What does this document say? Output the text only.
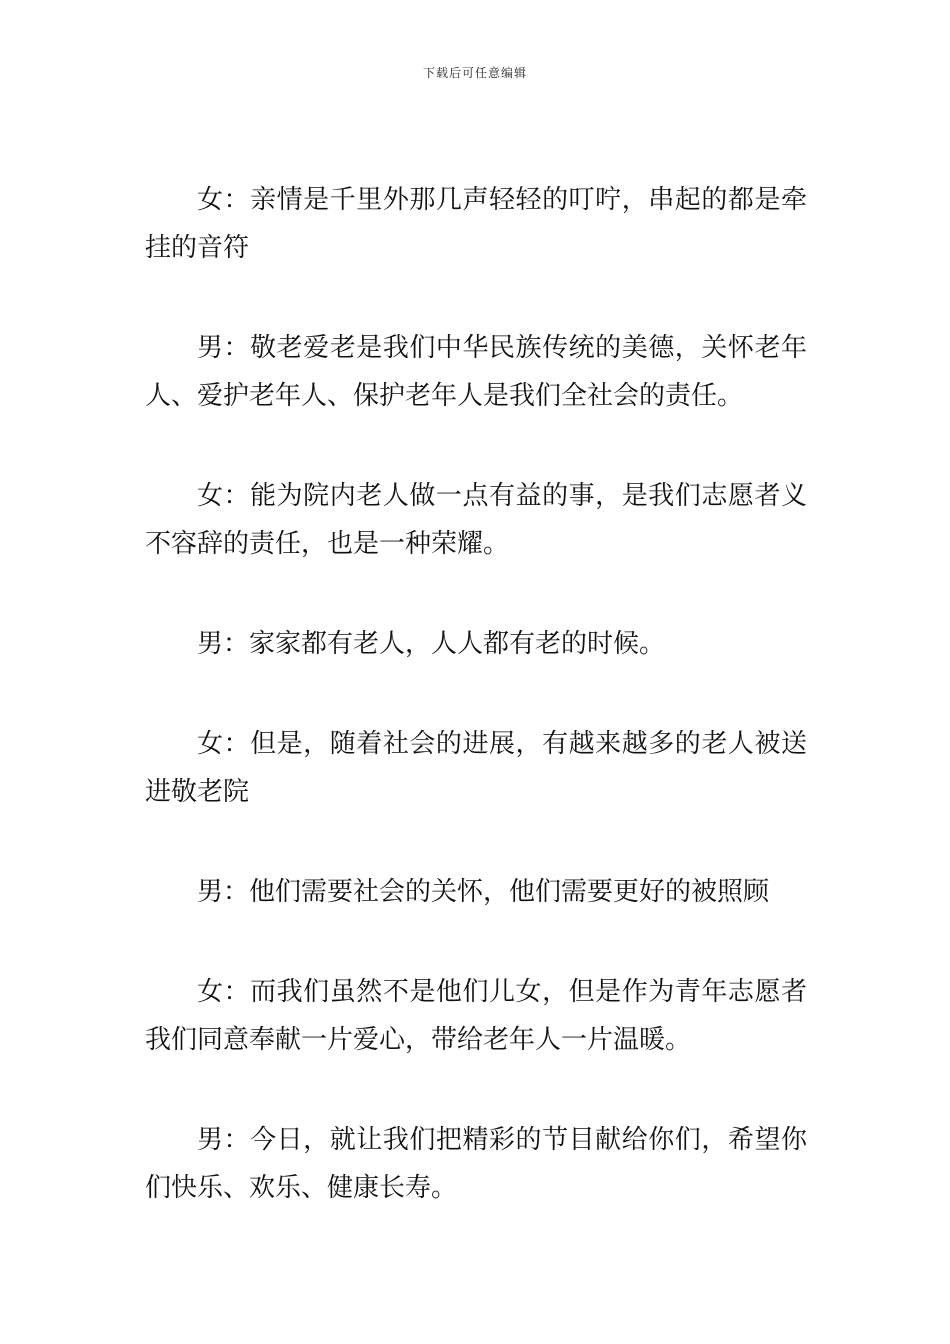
下载后可任意编辑

女：亲情是千里外那几声轻轻的叮咛，串起的都是牵挂的音符

男：敬老爱老是我们中华民族传统的美德，关怀老年人、爱护老年人、保护老年人是我们全社会的责任。

女：能为院内老人做一点有益的事，是我们志愿者义不容辞的责任，也是一种荣耀。

男：家家都有老人，人人都有老的时候。

女：但是，随着社会的进展，有越来越多的老人被送进敬老院

男：他们需要社会的关怀，他们需要更好的被照顾

女：而我们虽然不是他们儿女，但是作为青年志愿者我们同意奉献一片爱心，带给老年人一片温暖。

男：今日，就让我们把精彩的节目献给你们，希望你们快乐、欢乐、健康长寿。
